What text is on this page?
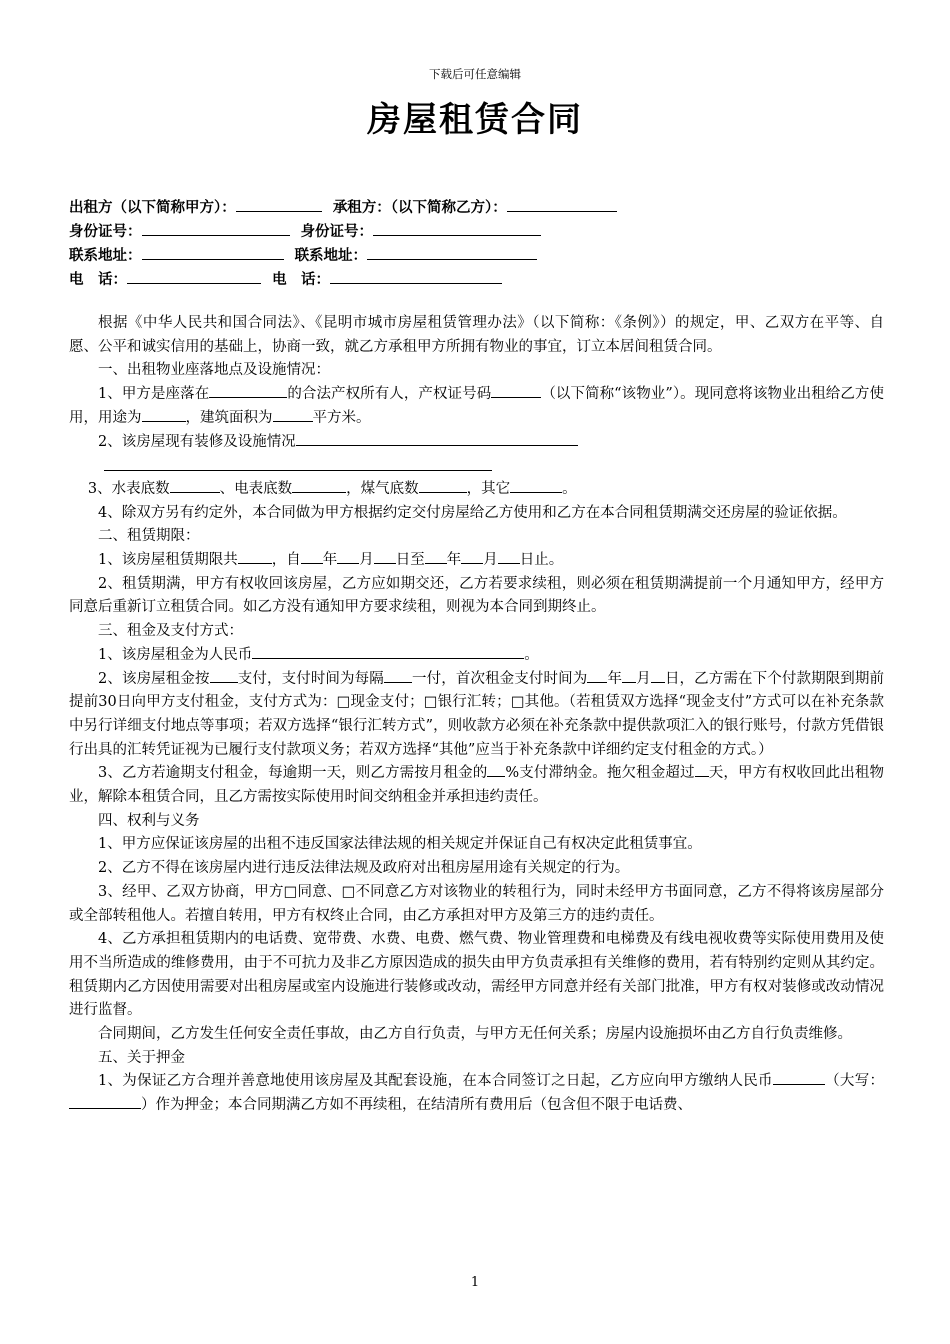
下载后可任意编辑
房屋租赁合同
出租方（以下简称甲方）：	承租方：（以下简称乙方）：
身份证号：	身份证号：
联系地址：	联系地址：
电　话：	电　话：

根据《中华人民共和国合同法》、《昆明市城市房屋租赁管理办法》（以下简称：《条例》）的规定，甲、乙双方在平等、自愿、公平和诚实信用的基础上，协商一致，就乙方承租甲方所拥有物业的事宜，订立本居间租赁合同。

一、出租物业座落地点及设施情况：

1、甲方是座落在	的合法产权所有人，产权证号码	（以下简称“该物业”）。现同意将该物业出租给乙方使用，用途为	，建筑面积为	平方米。

2、该房屋现有装修及设施情况

3、水表底数	、电表底数	，煤气底数	，其它	。

4、除双方另有约定外，本合同做为甲方根据约定交付房屋给乙方使用和乙方在本合同租赁期满交还房屋的验证依据。

二、租赁期限：

1、该房屋租赁期限共 ，自 年 月 日至 年 月 日止。

2、租赁期满，甲方有权收回该房屋，乙方应如期交还，乙方若要求续租，则必须在租赁期满提前一个月通知甲方，经甲方同意后重新订立租赁合同。如乙方没有通知甲方要求续租，则视为本合同到期终止。

三、租金及支付方式：

1、该房屋租金为人民币	。

2、该房屋租金按 支付，支付时间为每隔 一付，首次租金支付时间为 年 月 日，乙方需在下个付款期限到期前提前30日向甲方支付租金，支付方式为：□现金支付；□银行汇转；□其他。（若租赁双方选择“现金支付”方式可以在补充条款中另行详细支付地点等事项；若双方选择“银行汇转方式”，则收款方必须在补充条款中提供款项汇入的银行账号，付款方凭借银行出具的汇转凭证视为已履行支付款项义务；若双方选择“其他”应当于补充条款中详细约定支付租金的方式。）

3、乙方若逾期支付租金，每逾期一天，则乙方需按月租金的 %支付滞纳金。拖欠租金超过 天，甲方有权收回此出租物业，解除本租赁合同，且乙方需按实际使用时间交纳租金并承担违约责任。

四、权利与义务

1、甲方应保证该房屋的出租不违反国家法律法规的相关规定并保证自己有权决定此租赁事宜。

2、乙方不得在该房屋内进行违反法律法规及政府对出租房屋用途有关规定的行为。

3、经甲、乙双方协商，甲方□同意、□不同意乙方对该物业的转租行为，同时未经甲方书面同意，乙方不得将该房屋部分或全部转租他人。若擅自转用，甲方有权终止合同，由乙方承担对甲方及第三方的违约责任。

4、乙方承担租赁期内的电话费、宽带费、水费、电费、燃气费、物业管理费和电梯费及有线电视收费等实际使用费用及使用不当所造成的维修费用，由于不可抗力及非乙方原因造成的损失由甲方负责承担有关维修的费用，若有特别约定则从其约定。租赁期内乙方因使用需要对出租房屋或室内设施进行装修或改动，需经甲方同意并经有关部门批准，甲方有权对装修或改动情况进行监督。

合同期间，乙方发生任何安全责任事故，由乙方自行负责，与甲方无任何关系；房屋内设施损坏由乙方自行负责维修。

五、关于押金

1、为保证乙方合理并善意地使用该房屋及其配套设施，在本合同签订之日起，乙方应向甲方缴纳人民币	（大写：）作为押金；本合同期满乙方如不再续租，在结清所有费用后（包含但不限于电话费、

1
